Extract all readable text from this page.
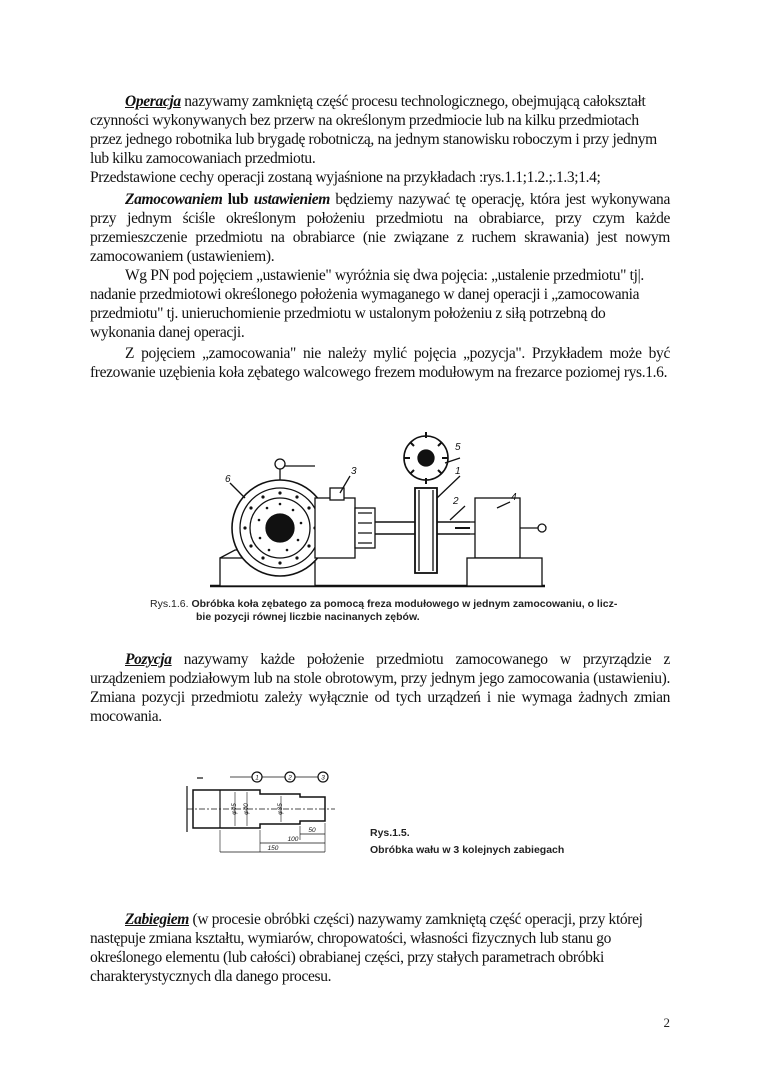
Operacja nazywamy zamkniętą część procesu technologicznego, obejmującą całokształt czynności wykonywanych bez przerw na określonym przedmiocie lub na kilku przedmiotach przez jednego robotnika lub brygadę robotniczą, na jednym stanowisku roboczym i przy jednym lub kilku zamocowaniach przedmiotu.

Przedstawione cechy operacji zostaną wyjaśnione na przykładach :rys.1.1;1.2.;.1.3;1.4;

Zamocowaniem lub ustawieniem będziemy nazywać tę operację, która jest wykonywana przy jednym ściśle określonym położeniu przedmiotu na obrabiarce, przy czym każde przemieszczenie przedmiotu na obrabiarce (nie związane z ruchem skrawania) jest nowym zamocowaniem (ustawieniem).

Wg PN pod pojęciem „ustawienie" wyróżnia się dwa pojęcia: „ustalenie przedmiotu" tj|. nadanie przedmiotowi określonego położenia wymaganego w danej operacji i „zamocowania przedmiotu" tj. unieruchomienie przedmiotu w ustalonym położeniu z siłą potrzebną do wykonania danej operacji.

Z pojęciem „zamocowania" nie należy mylić pojęcia „pozycja". Przykładem może być frezowanie uzębienia koła zębatego walcowego frezem modułowym na frezarce poziomej rys.1.6.

2
1
3
4
5
6
Rys.1.6. Obróbka koła zębatego za pomocą freza modułowego w jednym zamocowaniu, o licz-
bie pozycji równej liczbie nacinanych zębów.

Pozycja nazywamy każde położenie przedmiotu zamocowanego w przyrządzie z urządzeniem podziałowym lub na stole obrotowym, przy jednym jego zamocowania (ustawieniu). Zmiana pozycji przedmiotu zależy wyłącznie od tych urządzeń i nie wymaga żadnych zmian mocowania.

1	2	3
φ45 φ40	φ35
50
100
150
Rys.1.5.
Obróbka wału w 3 kolejnych zabiegach

Zabiegiem (w procesie obróbki części) nazywamy zamkniętą część operacji, przy której następuje zmiana kształtu, wymiarów, chropowatości, własności fizycznych lub stanu go określonego elementu (lub całości) obrabianej części, przy stałych parametrach obróbki charakterystycznych dla danego procesu.

2
